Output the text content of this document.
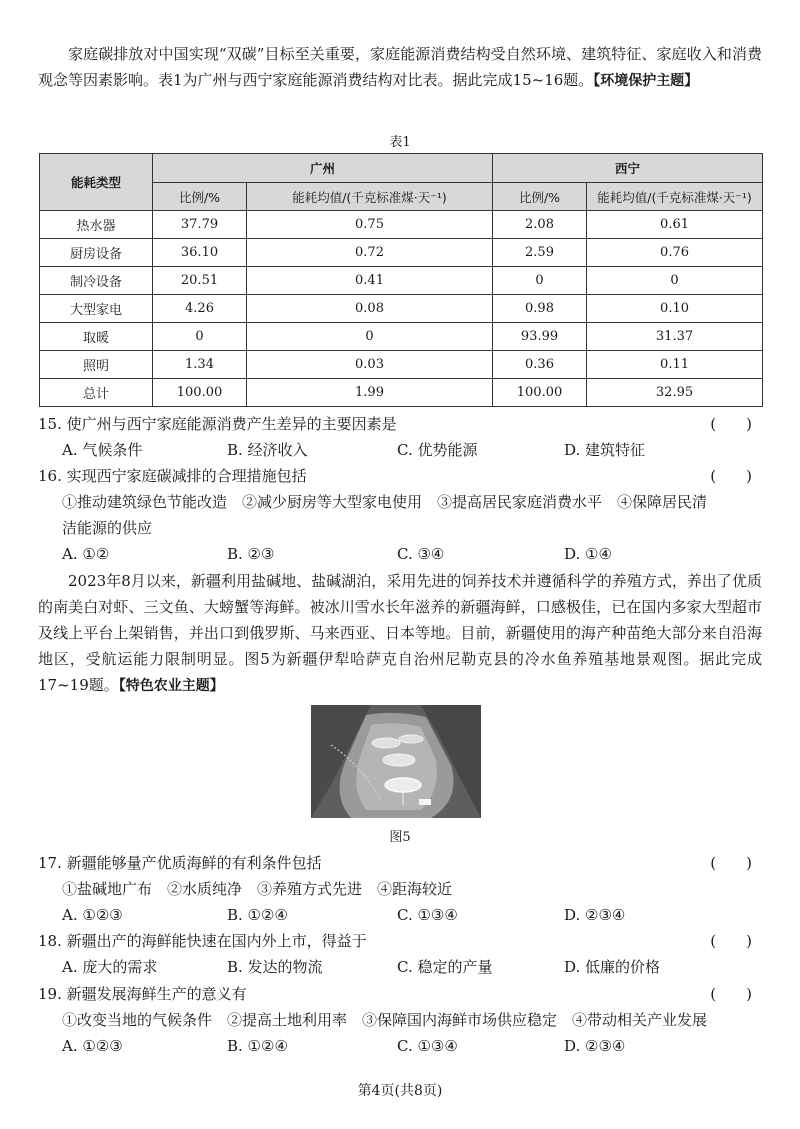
家庭碳排放对中国实现“双碳”目标至关重要，家庭能源消费结构受自然环境、建筑特征、家庭收入和消费观念等因素影响。表1为广州与西宁家庭能源消费结构对比表。据此完成15~16题。【环境保护主题】

表1
能耗类型	广州		西宁	
	比例/%	能耗均值/(千克标准煤·天⁻¹)	比例/%	能耗均值/(千克标准煤·天⁻¹)
热水器	37.79	0.75	2.08	0.61
厨房设备	36.10	0.72	2.59	0.76
制冷设备	20.51	0.41	0	0
大型家电	4.26	0.08	0.98	0.10
取暖	0	0	93.99	31.37
照明	1.34	0.03	0.36	0.11
总计	100.00	1.99	100.00	32.95
15. 使广州与西宁家庭能源消费产生差异的主要因素是	(　　)
A. 气候条件	B. 经济收入	C. 优势能源	D. 建筑特征
16. 实现西宁家庭碳减排的合理措施包括	(　　)

①推动建筑绿色节能改造　②减少厨房等大型家电使用　③提高居民家庭消费水平　④保障居民清

洁能源的供应

A. ①②	B. ②③	C. ③④	D. ①④

2023年8月以来，新疆利用盐碱地、盐碱湖泊，采用先进的饲养技术并遵循科学的养殖方式，养出了优质的南美白对虾、三文鱼、大螃蟹等海鲜。被冰川雪水长年滋养的新疆海鲜，口感极佳，已在国内多家大型超市及线上平台上架销售，并出口到俄罗斯、马来西亚、日本等地。目前，新疆使用的海产种苗绝大部分来自沿海地区，受航运能力限制明显。图5为新疆伊犁哈萨克自治州尼勒克县的冷水鱼养殖基地景观图。据此完成17~19题。【特色农业主题】

图5
17. 新疆能够量产优质海鲜的有利条件包括	(　　)

①盐碱地广布　②水质纯净　③养殖方式先进　④距海较近

A. ①②③	B. ①②④	C. ①③④	D. ②③④
18. 新疆出产的海鲜能快速在国内外上市，得益于	(　　)
A. 庞大的需求	B. 发达的物流	C. 稳定的产量	D. 低廉的价格
19. 新疆发展海鲜生产的意义有	(　　)

①改变当地的气候条件　②提高土地利用率　③保障国内海鲜市场供应稳定　④带动相关产业发展

A. ①②③	B. ①②④	C. ①③④	D. ②③④
第4页(共8页)
